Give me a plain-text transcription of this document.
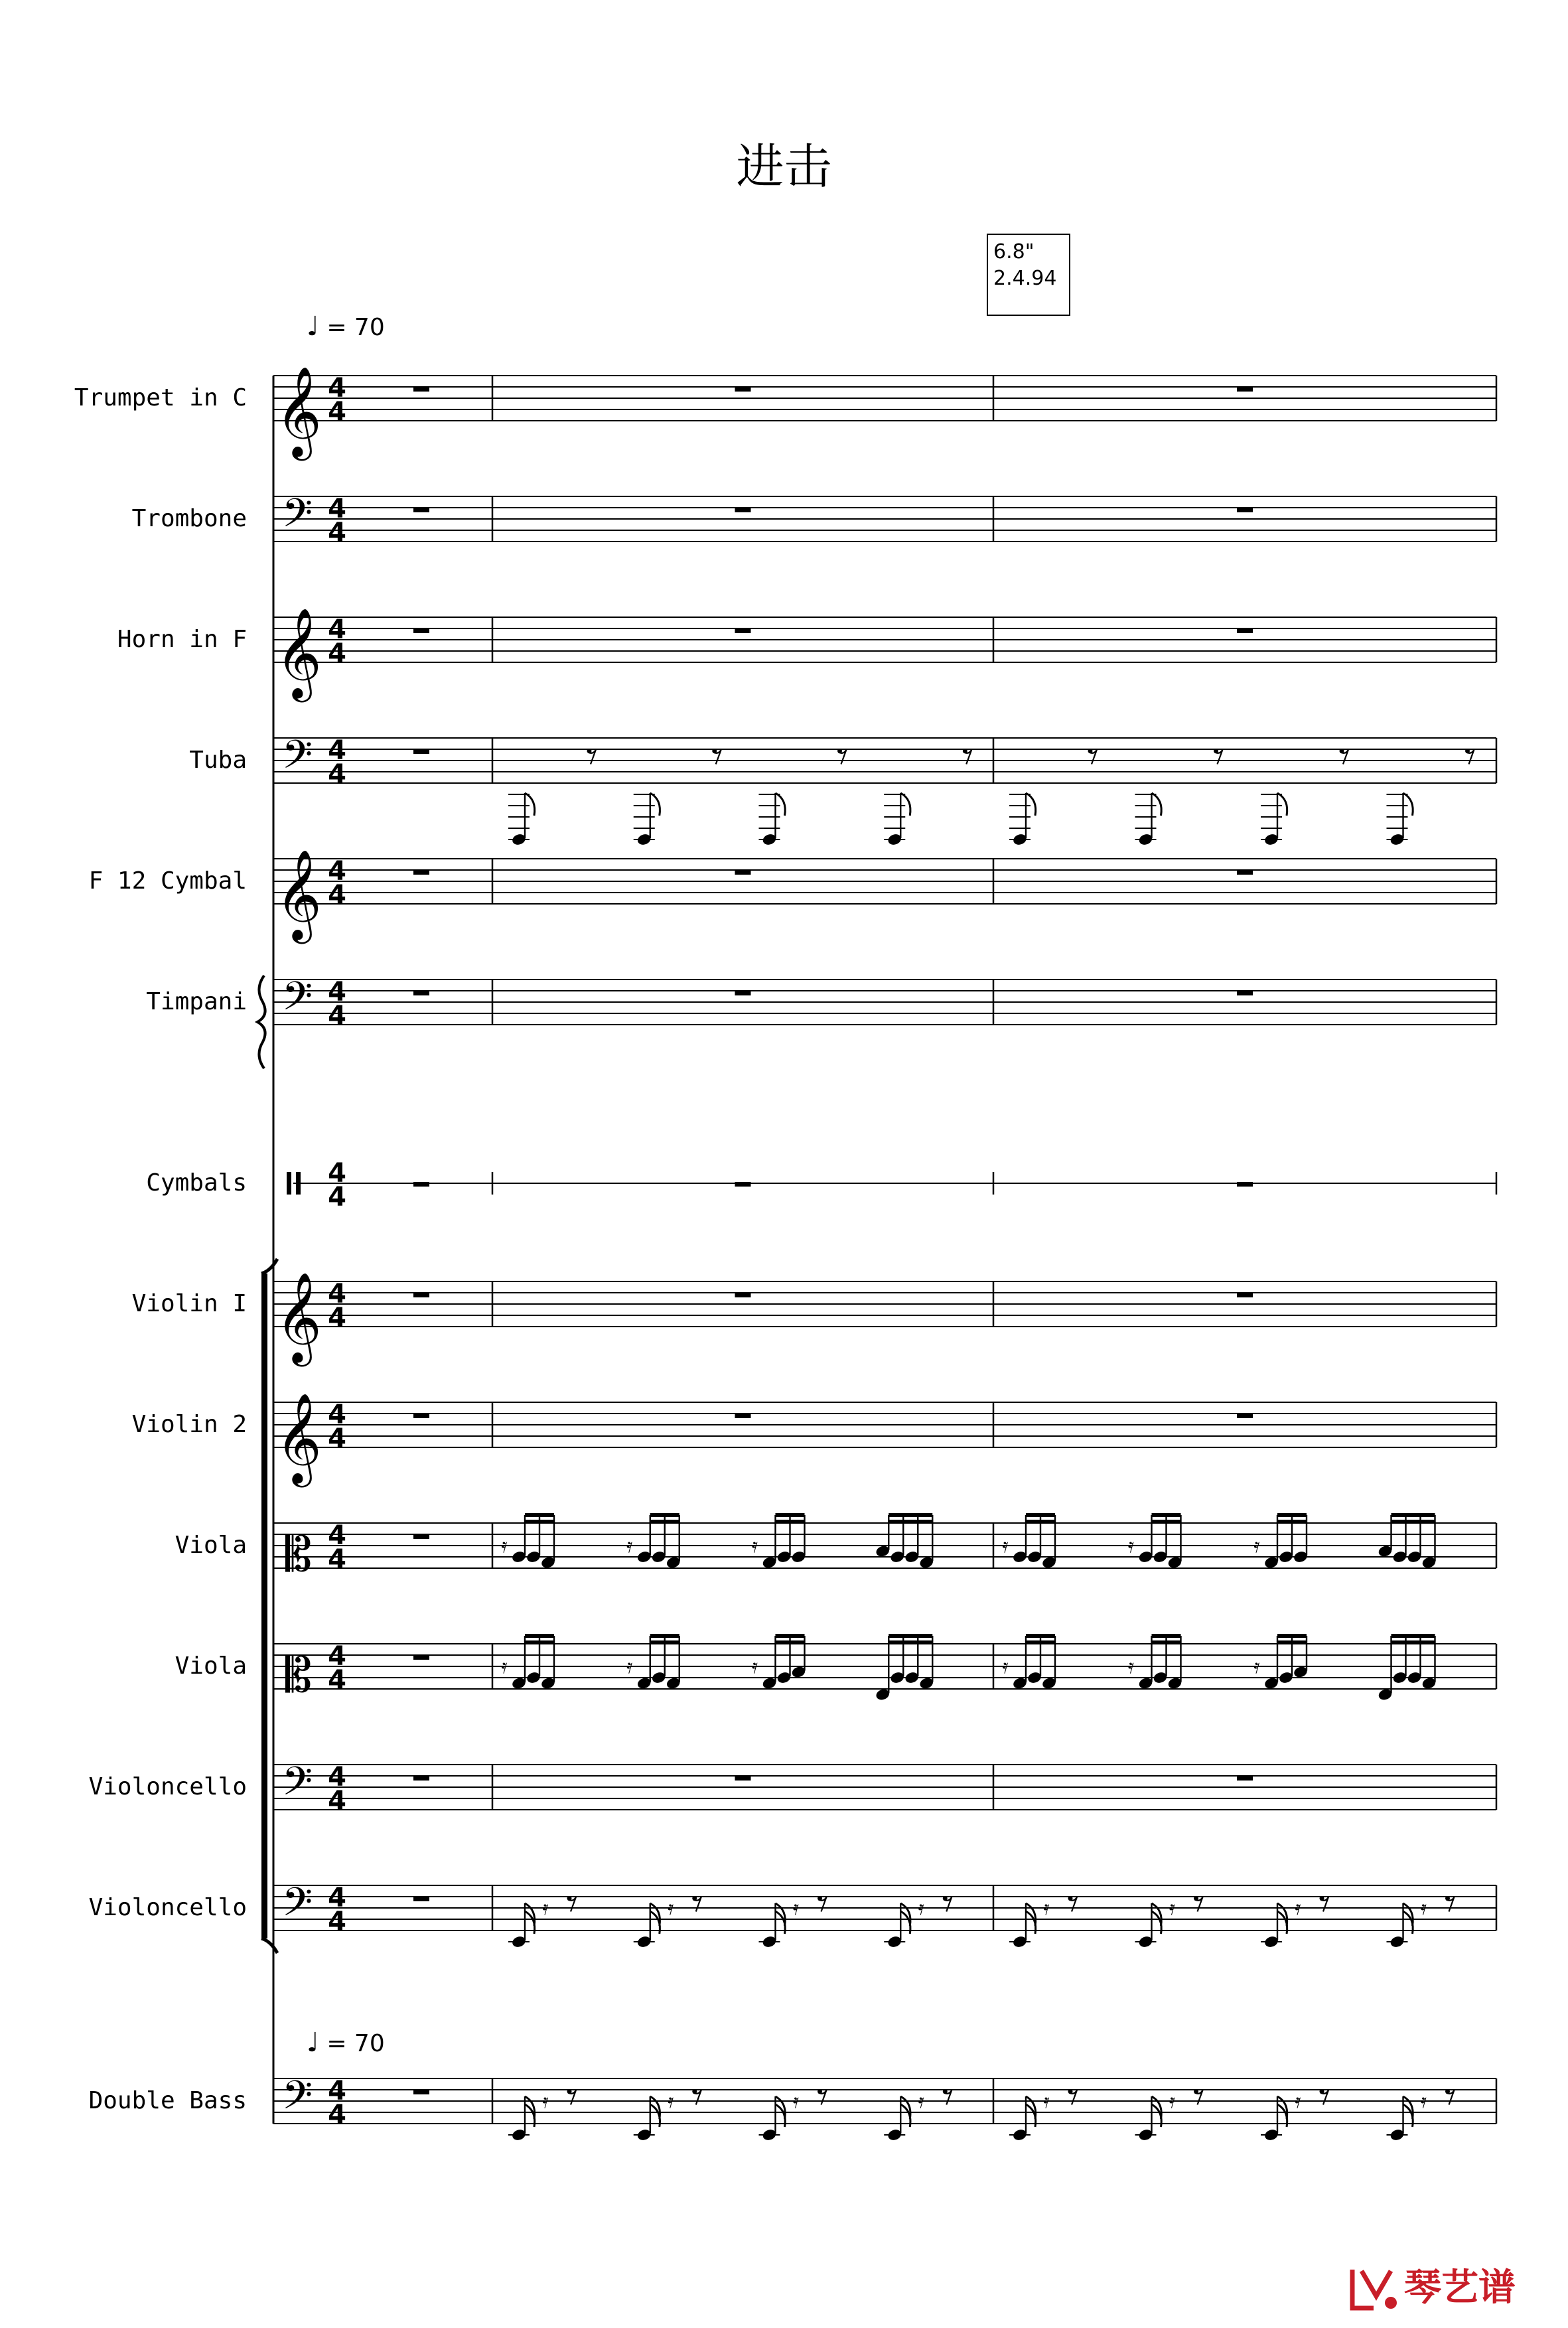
进击
6.8"
2.4.94
♩ = 70
♩ = 70
Trumpet in C
Trombone
Horn in F
Tuba
F 12 Cymbal
Timpani
Cymbals
Violin I
Violin 2
Viola
Viola
Violoncello
Violoncello
Double Bass
𝄞 4
4
𝄢 4
4
𝄞 4
4
𝄢 4
4
𝄞 4
4
𝄢 4
4
4
4
𝄞 4
4
𝄞 4
4
𝄡 4
4	𝄿	𝄿	𝄿	𝄿	𝄿	𝄿
𝄡 4
4	𝄿	𝄿	𝄿	𝄿	𝄿	𝄿
𝄢 4
4
𝄢 4
4	𝄿	𝄿	𝄿	𝄿	𝄿	𝄿	𝄿	𝄿
𝄢 4
4	𝄿	𝄿	𝄿	𝄿	𝄿	𝄿	𝄿	𝄿
琴艺谱
